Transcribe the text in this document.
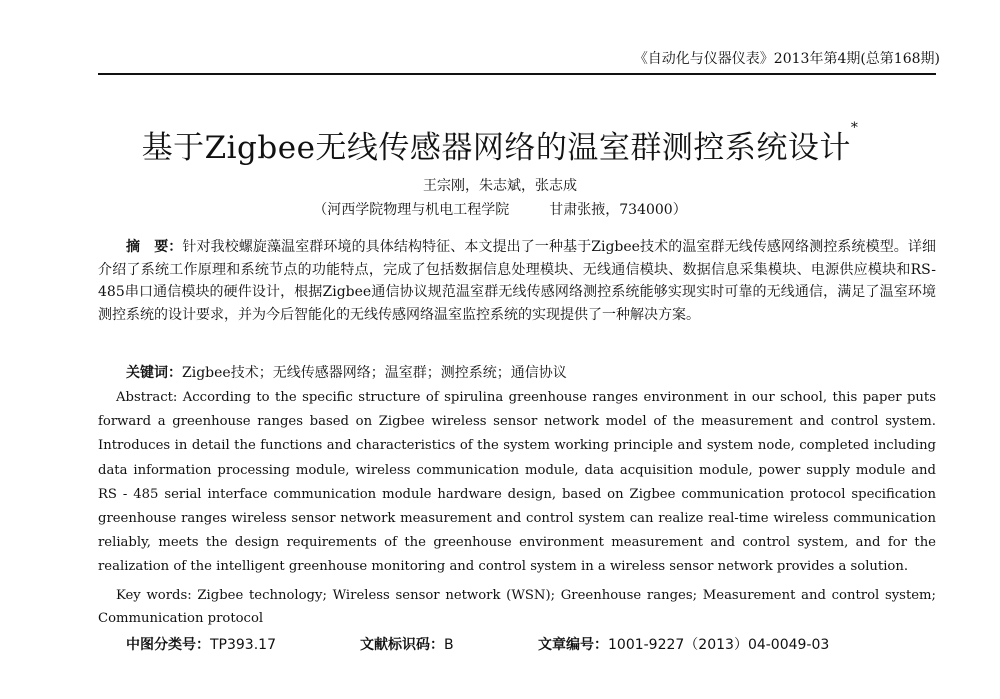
《自动化与仪器仪表》2013年第4期(总第168期)
基于Zigbee无线传感器网络的温室群测控系统设计*
王宗刚，朱志斌，张志成
（河西学院物理与机电工程学院	甘肃张掖，734000）
摘　要：针对我校螺旋藻温室群环境的具体结构特征、本文提出了一种基于Zigbee技术的温室群无线传感网络测控系统模型。详细介绍了系统工作原理和系统节点的功能特点，完成了包括数据信息处理模块、无线通信模块、数据信息采集模块、电源供应模块和RS-485串口通信模块的硬件设计，根据Zigbee通信协议规范温室群无线传感网络测控系统能够实现实时可靠的无线通信，满足了温室环境测控系统的设计要求，并为今后智能化的无线传感网络温室监控系统的实现提供了一种解决方案。
关键词：Zigbee技术；无线传感器网络；温室群；测控系统；通信协议
Abstract: According to the specific structure of spirulina greenhouse ranges environment in our school, this paper puts forward a greenhouse ranges based on Zigbee wireless sensor network model of the measurement and control system. Introduces in detail the functions and characteristics of the system working principle and system node, completed including data information processing module, wireless communication module, data acquisition module, power supply module and RS - 485 serial interface communication module hardware design, based on Zigbee communication protocol specification greenhouse ranges wireless sensor network measurement and control system can realize real-time wireless communication reliably, meets the design requirements of the greenhouse environment measurement and control system, and for the realization of the intelligent greenhouse monitoring and control system in a wireless sensor network provides a solution.
Key words: Zigbee technology; Wireless sensor network (WSN); Greenhouse ranges; Measurement and control system; Communication protocol
中图分类号：TP393.17	文献标识码：B	文章编号：1001-9227（2013）04-0049-03
